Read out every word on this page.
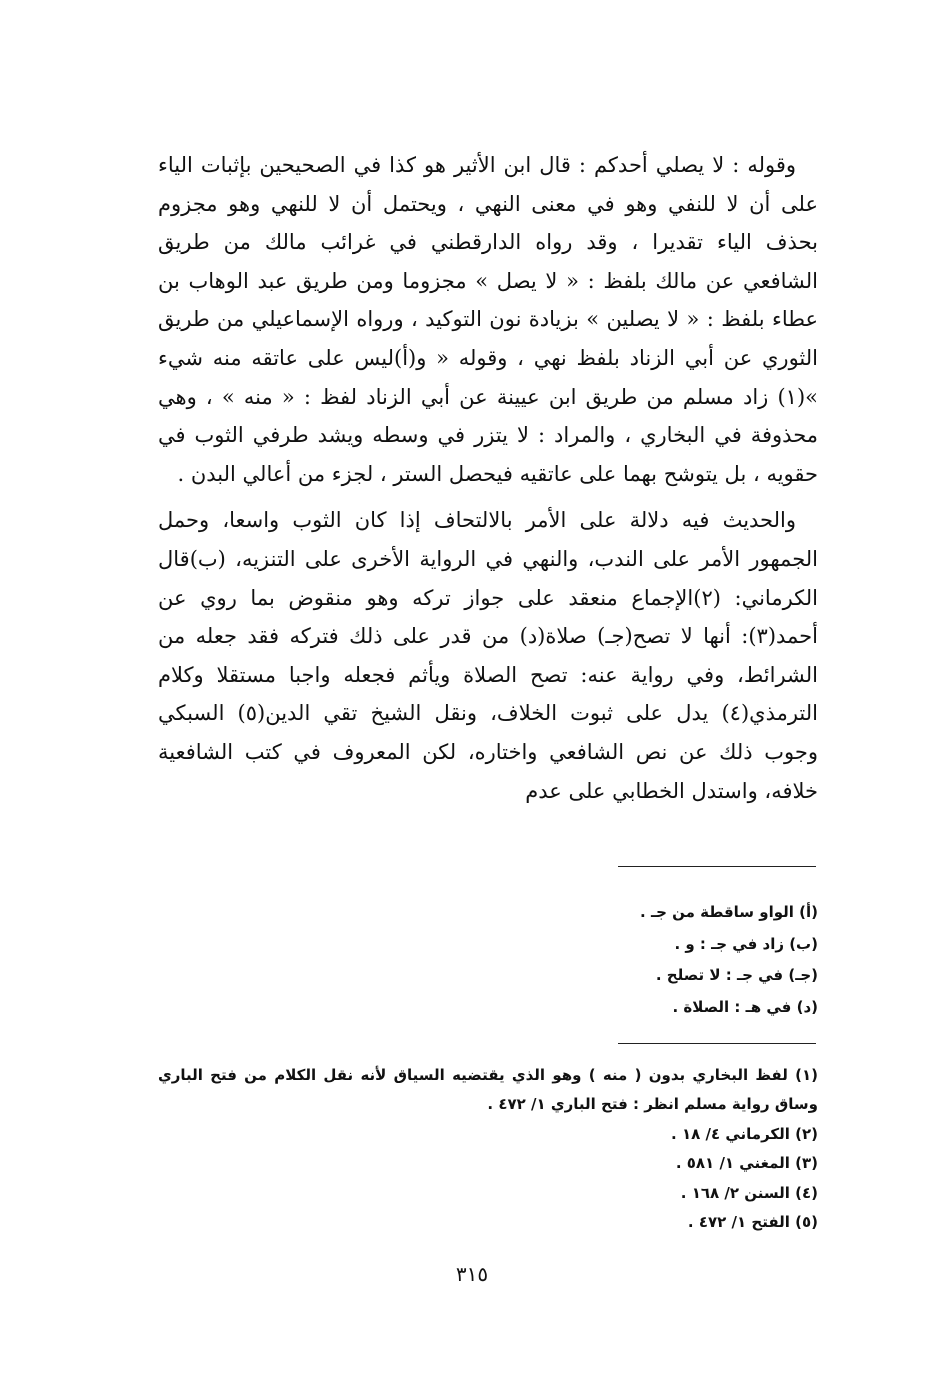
وقوله : لا يصلي أحدكم : قال ابن الأثير هو كذا في الصحيحين بإثبات الياء على أن لا للنفي وهو في معنى النهي ، ويحتمل أن لا للنهي وهو مجزوم بحذف الياء تقديرا ، وقد رواه الدارقطني في غرائب مالك من طريق الشافعي عن مالك بلفظ : « لا يصل » مجزوما ومن طريق عبد الوهاب بن عطاء بلفظ : « لا يصلين » بزيادة نون التوكيد ، ورواه الإسماعيلي من طريق الثوري عن أبي الزناد بلفظ نهي ، وقوله « و(أ)ليس على عاتقه منه شيء »(١) زاد مسلم من طريق ابن عيينة عن أبي الزناد لفظ : « منه » ، وهي محذوفة في البخاري ، والمراد : لا يتزر في وسطه ويشد طرفي الثوب في حقويه ، بل يتوشح بهما على عاتقيه فيحصل الستر ، لجزء من أعالي البدن .

والحديث فيه دلالة على الأمر بالالتحاف إذا كان الثوب واسعا، وحمل الجمهور الأمر على الندب، والنهي في الرواية الأخرى على التنزيه، (ب)قال الكرماني: (٢)الإجماع منعقد على جواز تركه وهو منقوض بما روي عن أحمد(٣): أنها لا تصح(جـ) صلاة(د) من قدر على ذلك فتركه فقد جعله من الشرائط، وفي رواية عنه: تصح الصلاة ويأثم فجعله واجبا مستقلا وكلام الترمذي(٤) يدل على ثبوت الخلاف، ونقل الشيخ تقي الدين(٥) السبكي وجوب ذلك عن نص الشافعي واختاره، لكن المعروف في كتب الشافعية خلافه، واستدل الخطابي على عدم

(أ) الواو ساقطة من جـ .
(ب) زاد في جـ : و .
(جـ) في جـ : لا تصلح .
(د) في هـ : الصلاة .
(١) لفظ البخاري بدون ( منه ) وهو الذي يقتضيه السياق لأنه نقل الكلام من فتح الباري وساق رواية مسلم انظر : فتح الباري ١/ ٤٧٢ .
(٢) الكرماني ٤/ ١٨ .
(٣) المغني ١/ ٥٨١ .
(٤) السنن ٢/ ١٦٨ .
(٥) الفتح ١/ ٤٧٢ .
٣١٥
